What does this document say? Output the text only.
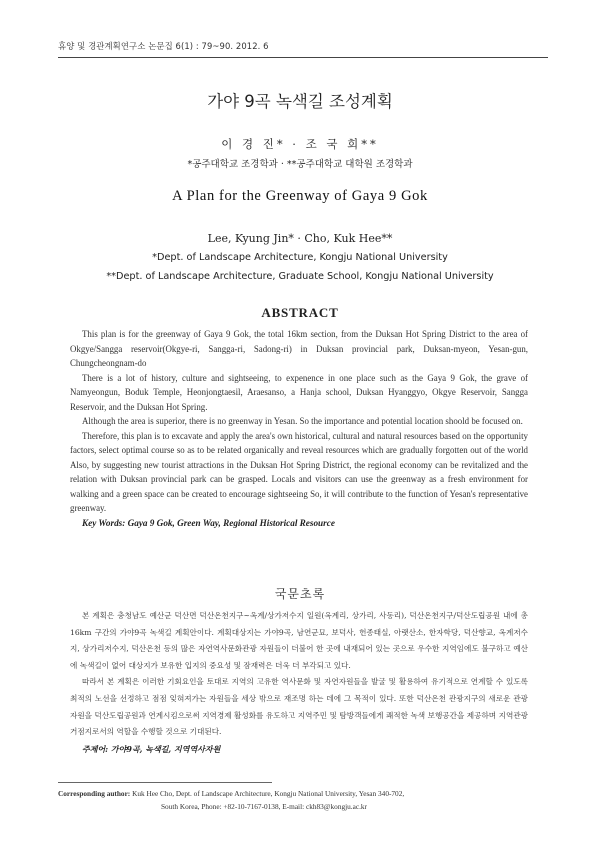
휴양 및 경관계획연구소 논문집 6(1) : 79~90. 2012. 6
가야 9곡 녹색길 조성계획
이 경 진* · 조 국 희**
*공주대학교 조경학과 · **공주대학교 대학원 조경학과
A Plan for the Greenway of Gaya 9 Gok
Lee, Kyung Jin* · Cho, Kuk Hee**
*Dept. of Landscape Architecture, Kongju National University
**Dept. of Landscape Architecture, Graduate School, Kongju National University
ABSTRACT

This plan is for the greenway of Gaya 9 Gok, the total 16km section, from the Duksan Hot Spring District to the area of Okgye/Sangga reservoir(Okgye-ri, Sangga-ri, Sadong-ri) in Duksan provincial park, Duksan-myeon, Yesan-gun, Chungcheongnam-do

There is a lot of history, culture and sightseeing, to expenence in one place such as the Gaya 9 Gok, the grave of Namyeongun, Boduk Temple, Heonjongtaesil, Araesanso, a Hanja school, Duksan Hyanggyo, Okgye Reservoir, Sangga Reservoir, and the Duksan Hot Spring.

Although the area is superior, there is no greenway in Yesan. So the importance and potential location shoold be focused on.

Therefore, this plan is to excavate and apply the area's own historical, cultural and natural resources based on the opportunity factors, select optimal course so as to be related organically and reveal resources which are gradually forgotten out of the world Also, by suggesting new tourist attractions in the Duksan Hot Spring District, the regional economy can be revitalized and the relation with Duksan provincial park can be grasped. Locals and visitors can use the greenway as a fresh environment for walking and a green space can be created to encourage sightseeing So, it will contribute to the function of Yesan's representative greenway.

Key Words: Gaya 9 Gok, Green Way, Regional Historical Resource
국문초록

본 계획은 충청남도 예산군 덕산면 덕산온천지구~옥계/상가저수지 일원(옥계리, 상가리, 사동리), 덕산온천지구/덕산도립공원 내에 총 16km 구간의 가야9곡 녹색길 계획안이다. 계획대상지는 가야9곡, 남연군묘, 보덕사, 헌종태실, 아랫산소, 한자학당, 덕산향교, 옥계저수지, 상가리저수지, 덕산온천 등의 많은 자연역사문화관광 자원들이 더불어 한 곳에 내재되어 있는 곳으로 우수한 지역임에도 불구하고 예산에 녹색길이 없어 대상지가 보유한 입지의 중요성 및 잠재력은 더욱 더 부각되고 있다.

따라서 본 계획은 이러한 기회요인을 토대로 지역의 고유한 역사문화 및 자연자원들을 발굴 및 활용하여 유기적으로 연계할 수 있도록 최적의 노선을 선정하고 점점 잊혀져가는 자원들을 세상 밖으로 재조명 하는 데에 그 목적이 있다. 또한 덕산온천 관광지구의 새로운 관광 자원을 덕산도립공원과 연계시킴으로써 지역경제 활성화를 유도하고 지역주민 및 탐방객들에게 쾌적한 녹색 보행공간을 제공하며 지역관광 거점지로서의 역할을 수행할 것으로 기대된다.

주제어: 가야9곡, 녹색길, 지역역사자원
Corresponding author: Kuk Hee Cho, Dept. of Landscape Architecture, Kongju National University, Yesan 340-702,
South Korea, Phone: +82-10-7167-0138, E-mail: ckh83@kongju.ac.kr
